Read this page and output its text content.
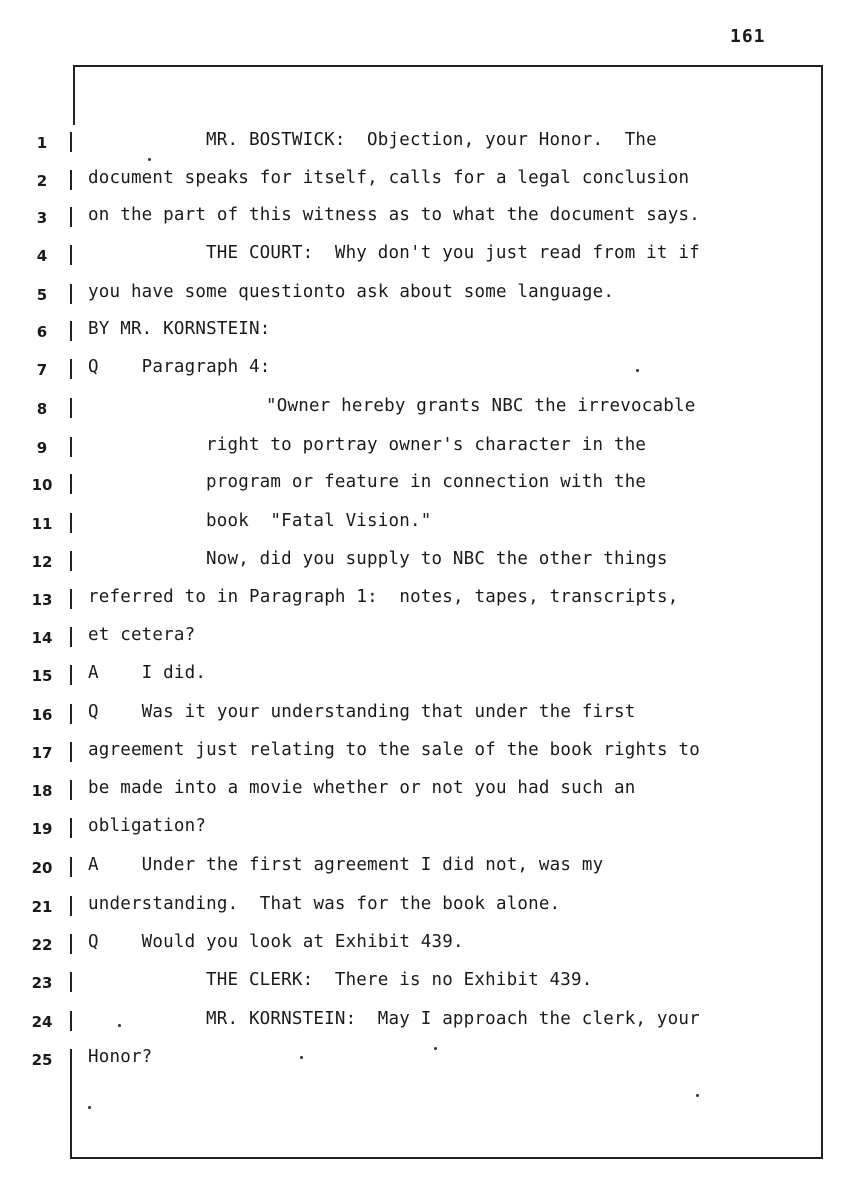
161
1	MR. BOSTWICK:  Objection, your Honor.  The
2	document speaks for itself, calls for a legal conclusion
3	on the part of this witness as to what the document says.
4	THE COURT:  Why don't you just read from it if
5	you have some questionto ask about some language.
6	BY MR. KORNSTEIN:
7	Q    Paragraph 4:
8	"Owner hereby grants NBC the irrevocable
9	right to portray owner's character in the
10	program or feature in connection with the
11	book  "Fatal Vision."
12	Now, did you supply to NBC the other things
13	referred to in Paragraph 1:  notes, tapes, transcripts,
14	et cetera?
15	A    I did.
16	Q    Was it your understanding that under the first
17	agreement just relating to the sale of the book rights to
18	be made into a movie whether or not you had such an
19	obligation?
20	A    Under the first agreement I did not, was my
21	understanding.  That was for the book alone.
22	Q    Would you look at Exhibit 439.
23	THE CLERK:  There is no Exhibit 439.
24	MR. KORNSTEIN:  May I approach the clerk, your
25	Honor?
